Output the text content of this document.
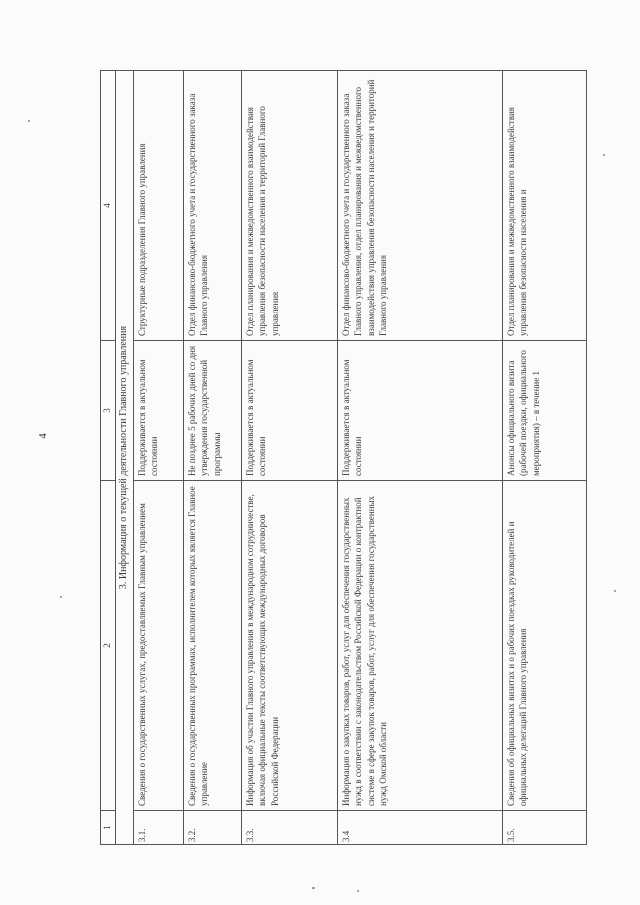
4
1	2	3	4
3. Информация о текущей деятельности Главного управления			
3.1.	Сведения о государственных услугах, предоставляемых Главным управлением	Поддерживается в актуальном состоянии	Структурные подразделения Главного управления
3.2.	Сведения о государственных программах, исполнителем которых является Главное управление	Не позднее 5 рабочих дней со дня утверждения государственной программы	Отдел финансово-бюджетного учета и государственного заказа Главного управления
3.3.	Информация об участии Главного управления в международном сотрудничестве, включая официальные тексты соответствующих международных договоров Российской Федерации	Поддерживается в актуальном состоянии	Отдел планирования и межведомственного взаимодействия управления безопасности населения и территорий Главного управления
3.4	Информация о закупках товаров, работ, услуг для обеспечения государственных нужд в соответствии с законодательством Российской Федерации о контрактной системе в сфере закупок товаров, работ, услуг для обеспечения государственных нужд Омской области	Поддерживается в актуальном состоянии	Отдел финансово-бюджетного учета и государственного заказа Главного управления, отдел планирования и межведомственного взаимодействия управления безопасности населения и территорий Главного управления
3.5.	Сведения об официальных визитах и о рабочих поездках руководителей и официальных делегаций Главного управления	Анонсы официального визита (рабочей поездки, официального мероприятия) – в течение 1	Отдел планирования и межведомственного взаимодействия управления безопасности населения и
